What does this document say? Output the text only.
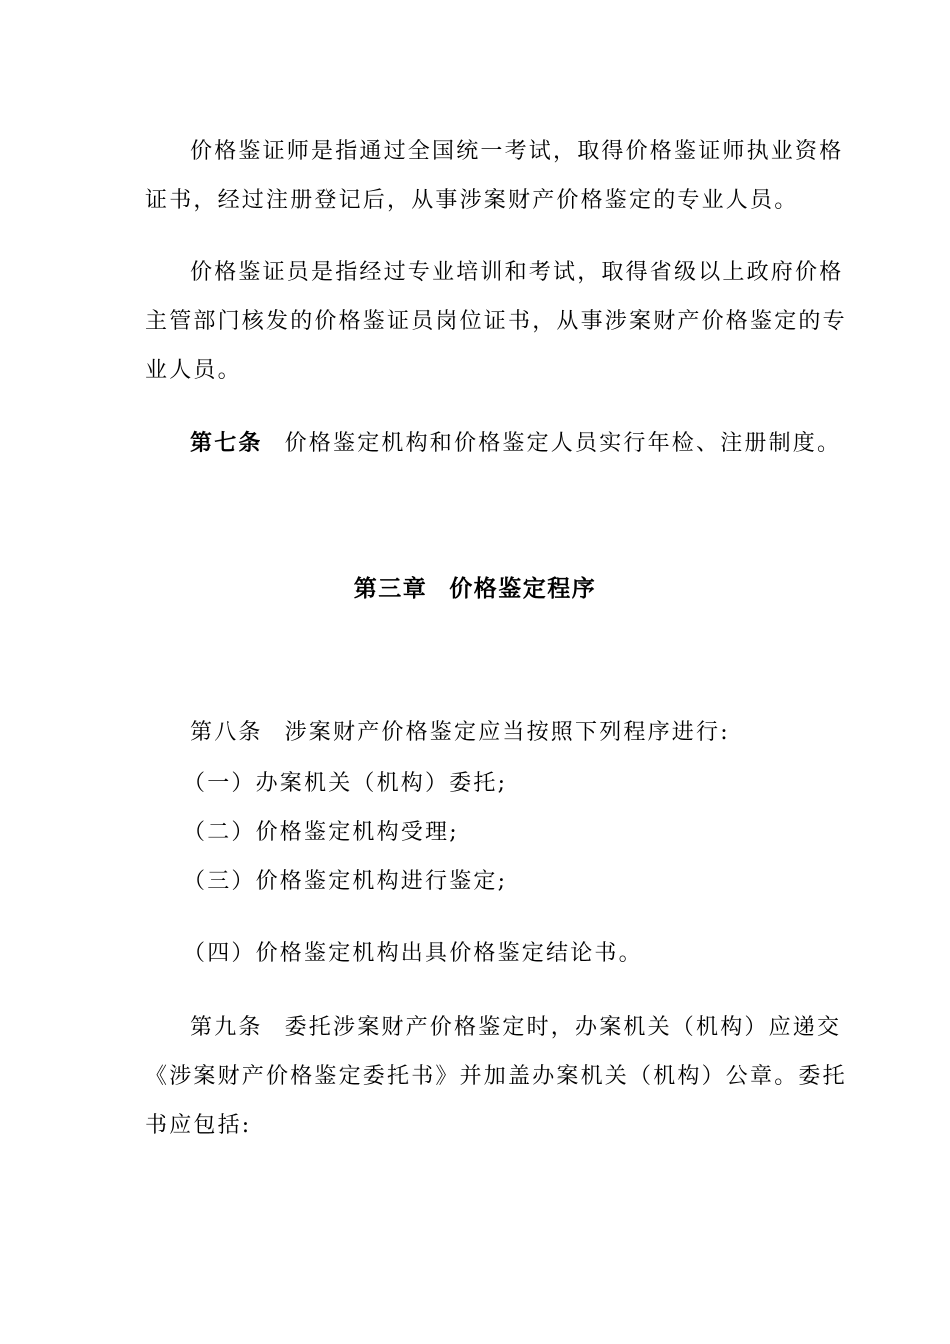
价格鉴证师是指通过全国统一考试，取得价格鉴证师执业资格
证书，经过注册登记后，从事涉案财产价格鉴定的专业人员。
价格鉴证员是指经过专业培训和考试，取得省级以上政府价格
主管部门核发的价格鉴证员岗位证书，从事涉案财产价格鉴定的专
业人员。
第七条 价格鉴定机构和价格鉴定人员实行年检、注册制度。
第三章 价格鉴定程序
第八条 涉案财产价格鉴定应当按照下列程序进行:
（一）办案机关（机构）委托;
（二）价格鉴定机构受理;
（三）价格鉴定机构进行鉴定;
（四）价格鉴定机构出具价格鉴定结论书。
第九条 委托涉案财产价格鉴定时，办案机关（机构）应递交
《涉案财产价格鉴定委托书》并加盖办案机关（机构）公章。委托
书应包括:
